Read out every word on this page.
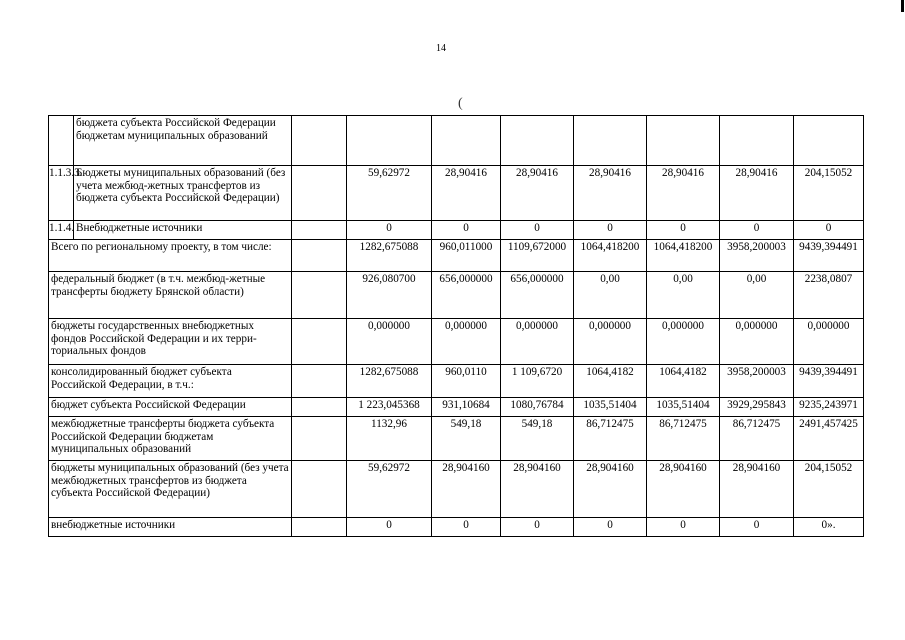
14
(
	бюджета субъекта Российской Федерации бюджетам муниципальных образований								
1.1.3.3.	Бюджеты муниципальных образований (без учета межбюд-жетных трансфертов из бюджета субъекта Российской Федерации)		59,62972	28,90416	28,90416	28,90416	28,90416	28,90416	204,15052
1.1.4.	Внебюджетные источники		0	0	0	0	0	0	0
Всего по региональному проекту, в том числе:			1282,675088	960,011000	1109,672000	1064,418200	1064,418200	3958,200003	9439,394491
федеральный бюджет (в т.ч. межбюд-жетные трансферты бюджету Брянской области)			926,080700	656,000000	656,000000	0,00	0,00	0,00	2238,0807
бюджеты государственных внебюджетных фондов Российской Федерации и их терри-ториальных фондов			0,000000	0,000000	0,000000	0,000000	0,000000	0,000000	0,000000
консолидированный бюджет субъекта Российской Федерации, в т.ч.:			1282,675088	960,0110	1 109,6720	1064,4182	1064,4182	3958,200003	9439,394491
бюджет субъекта Российской Федерации			1 223,045368	931,10684	1080,76784	1035,51404	1035,51404	3929,295843	9235,243971
межбюджетные трансферты бюджета субъекта Российской Федерации бюджетам муниципальных образований			1132,96	549,18	549,18	86,712475	86,712475	86,712475	2491,457425
бюджеты муниципальных образований (без учета межбюджетных трансфертов из бюджета субъекта Российской Федерации)			59,62972	28,904160	28,904160	28,904160	28,904160	28,904160	204,15052
внебюджетные источники			0	0	0	0	0	0	0».
